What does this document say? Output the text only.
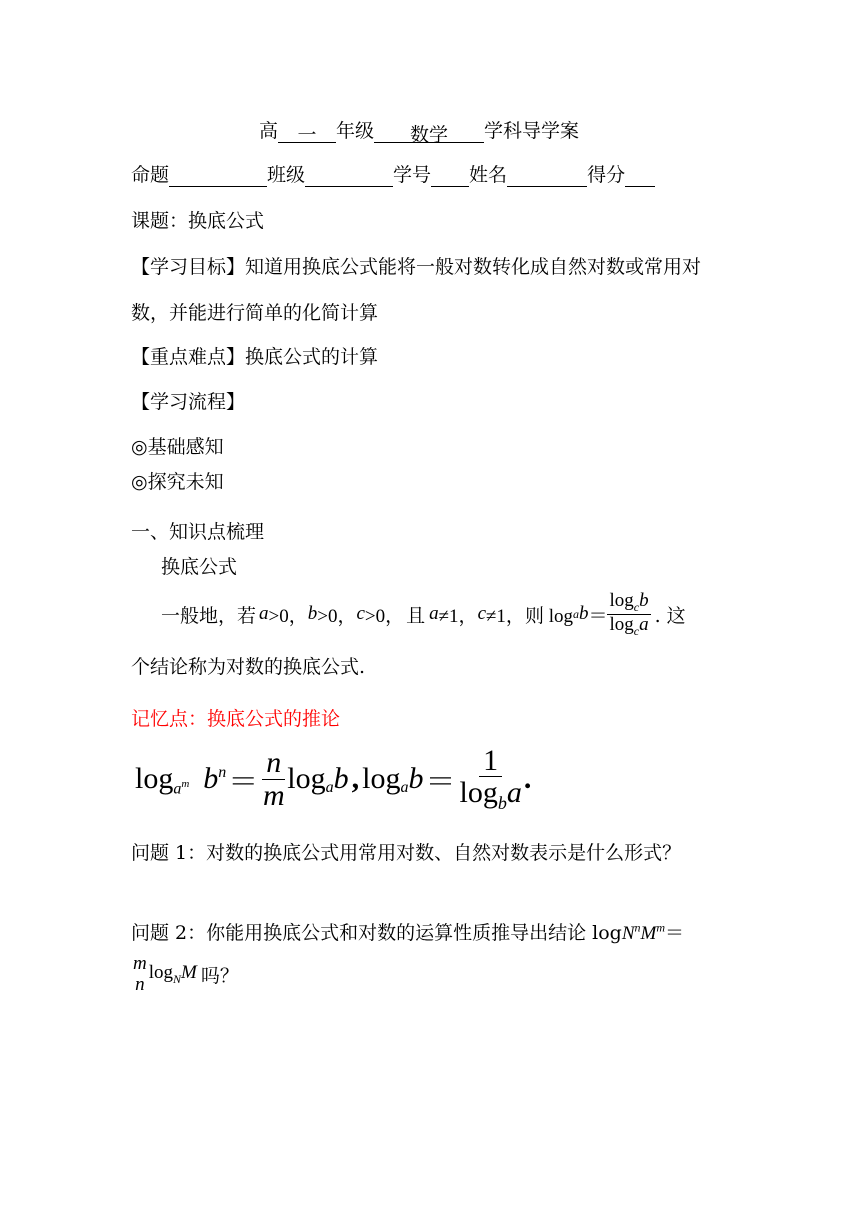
高 一 年级 数学 学科导学案
命题	班级	学号 姓名	得分
课题：换底公式
【学习目标】知道用换底公式能将一般对数转化成自然对数或常用对
数，并能进行简单的化简计算
【重点难点】换底公式的计算
【学习流程】
◎基础感知
◎探究未知
一、知识点梳理
换底公式
一般地，若 a >0， b >0， c >0， 且 a ≠1， c ≠1， 则 log a $b = \frac{\log_cb}{\log_ca}$ . 这
个结论称为对数的换底公式.
记忆点：换底公式的推论
$\log_{a^m} b^n = \frac{n}{m} \log_a b$ , $\log_a b = \frac{1}{\log_ba}$ .
问题 1：对数的换底公式用常用对数、自然对数表示是什么形式？
问题 2：你能用换底公式和对数的运算性质推导出结论 $\log N^nM^m=$
m
n
$\log_NM$ 吗？
